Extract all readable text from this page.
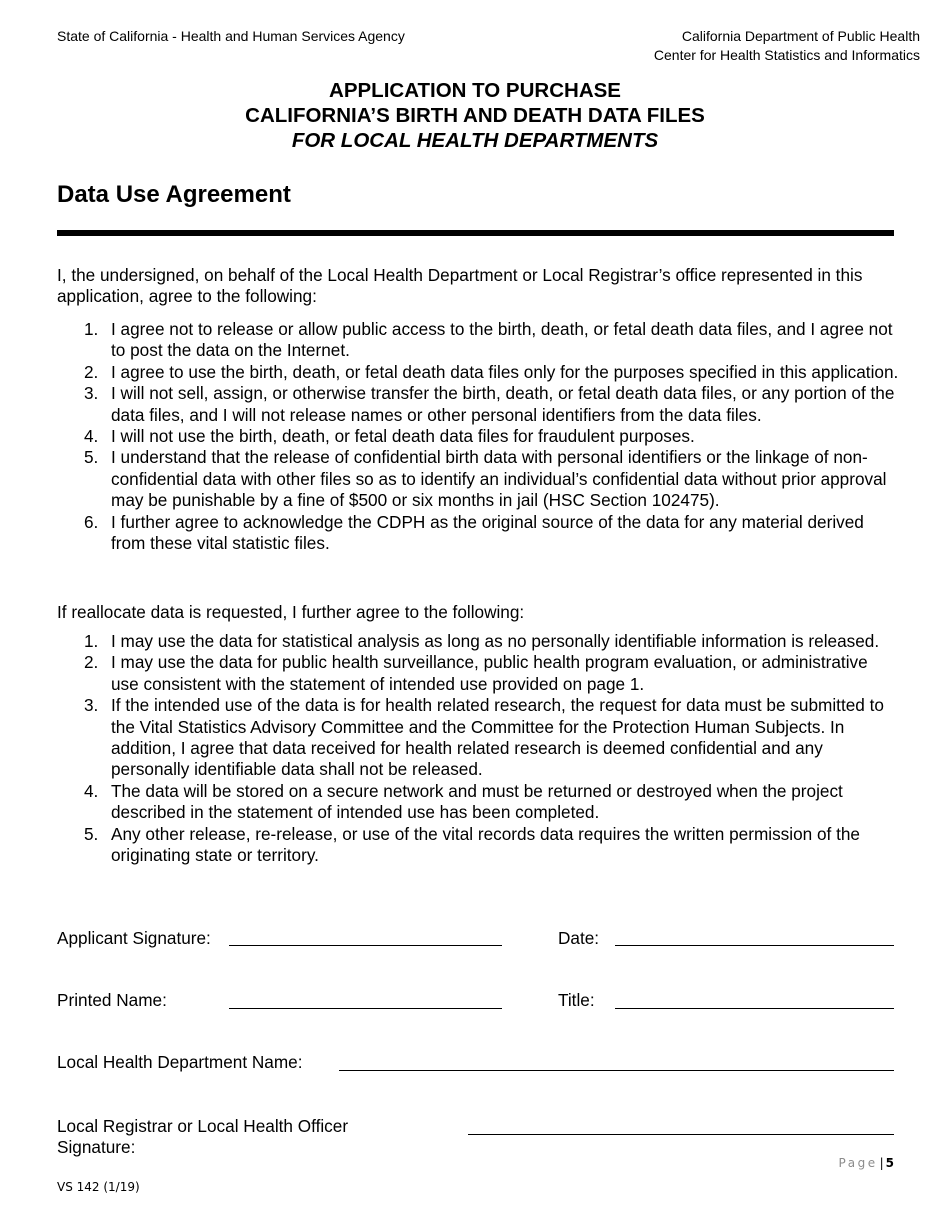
State of California - Health and Human Services Agency	California Department of Public Health
Center for Health Statistics and Informatics
APPLICATION TO PURCHASE
CALIFORNIA’S BIRTH AND DEATH DATA FILES
FOR LOCAL HEALTH DEPARTMENTS
Data Use Agreement
I, the undersigned, on behalf of the Local Health Department or Local Registrar’s office represented in this application, agree to the following:
1. I agree not to release or allow public access to the birth, death, or fetal death data files, and I agree not to post the data on the Internet.
2. I agree to use the birth, death, or fetal death data files only for the purposes specified in this application.
3. I will not sell, assign, or otherwise transfer the birth, death, or fetal death data files, or any portion of the data files, and I will not release names or other personal identifiers from the data files.
4. I will not use the birth, death, or fetal death data files for fraudulent purposes.
5. I understand that the release of confidential birth data with personal identifiers or the linkage of non-confidential data with other files so as to identify an individual’s confidential data without prior approval may be punishable by a fine of $500 or six months in jail (HSC Section 102475).
6. I further agree to acknowledge the CDPH as the original source of the data for any material derived from these vital statistic files.
If reallocate data is requested, I further agree to the following:
1. I may use the data for statistical analysis as long as no personally identifiable information is released.
2. I may use the data for public health surveillance, public health program evaluation, or administrative use consistent with the statement of intended use provided on page 1.
3. If the intended use of the data is for health related research, the request for data must be submitted to the Vital Statistics Advisory Committee and the Committee for the Protection Human Subjects. In addition, I agree that data received for health related research is deemed confidential and any personally identifiable data shall not be released.
4. The data will be stored on a secure network and must be returned or destroyed when the project described in the statement of intended use has been completed.
5. Any other release, re-release, or use of the vital records data requires the written permission of the originating state or territory.
Applicant Signature:	Date:
Printed Name:	Title:
Local Health Department Name:
Local Registrar or Local Health Officer
Signature:
Page | 5
VS 142 (1/19)
